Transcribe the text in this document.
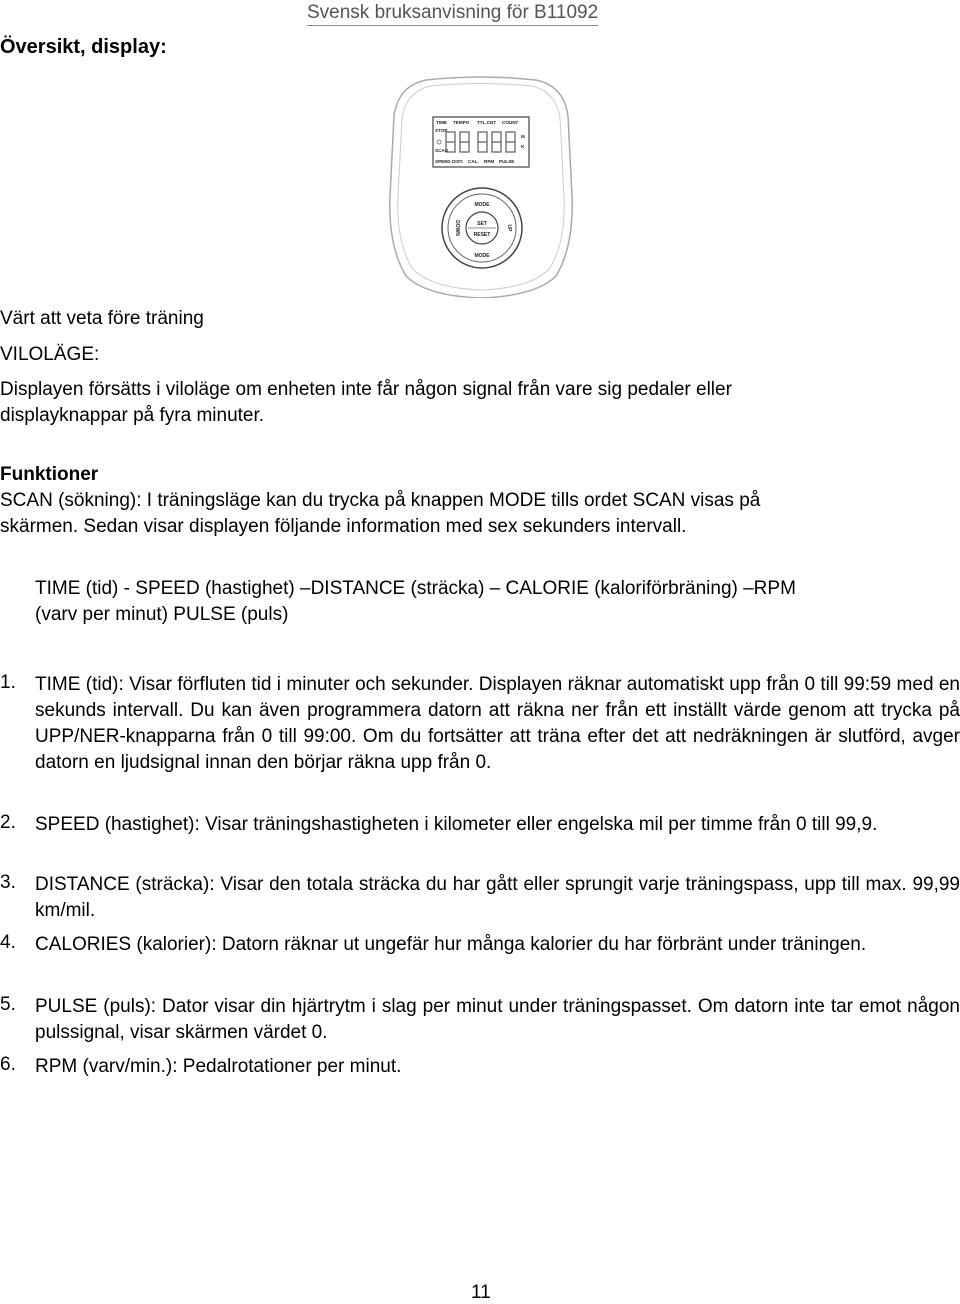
Svensk bruksanvisning för B11092
Översikt, display:
TIME TEMPO TTL.CNT COUNT
STOP
SCAN
M
K
SPEED DIST. CAL. RPM PULSE
MODE
SET
RESET
MODE
DOWN	UP
Värt att veta före träning
VILOLÄGE:
Displayen försätts i viloläge om enheten inte får någon signal från vare sig pedaler eller
displayknappar på fyra minuter.
Funktioner
SCAN (sökning): I träningsläge kan du trycka på knappen MODE tills ordet SCAN visas på
skärmen. Sedan visar displayen följande information med sex sekunders intervall.
TIME (tid) - SPEED (hastighet) –DISTANCE (sträcka) – CALORIE (kaloriförbräning) –RPM
(varv per minut) PULSE (puls)
1. TIME (tid): Visar förfluten tid i minuter och sekunder. Displayen räknar automatiskt upp från 0 till 99:59 med en sekunds intervall. Du kan även programmera datorn att räkna ner från ett inställt värde genom att trycka på UPP/NER-knapparna från 0 till 99:00. Om du fortsätter att träna efter det att nedräkningen är slutförd, avger datorn en ljudsignal innan den börjar räkna upp från 0.
2. SPEED (hastighet): Visar träningshastigheten i kilometer eller engelska mil per timme från 0 till 99,9.
3. DISTANCE (sträcka): Visar den totala sträcka du har gått eller sprungit varje träningspass, upp till max. 99,99 km/mil.
4. CALORIES (kalorier): Datorn räknar ut ungefär hur många kalorier du har förbränt under träningen.
5. PULSE (puls): Dator visar din hjärtrytm i slag per minut under träningspasset. Om datorn inte tar emot någon pulssignal, visar skärmen värdet 0.
6. RPM (varv/min.): Pedalrotationer per minut.
11
